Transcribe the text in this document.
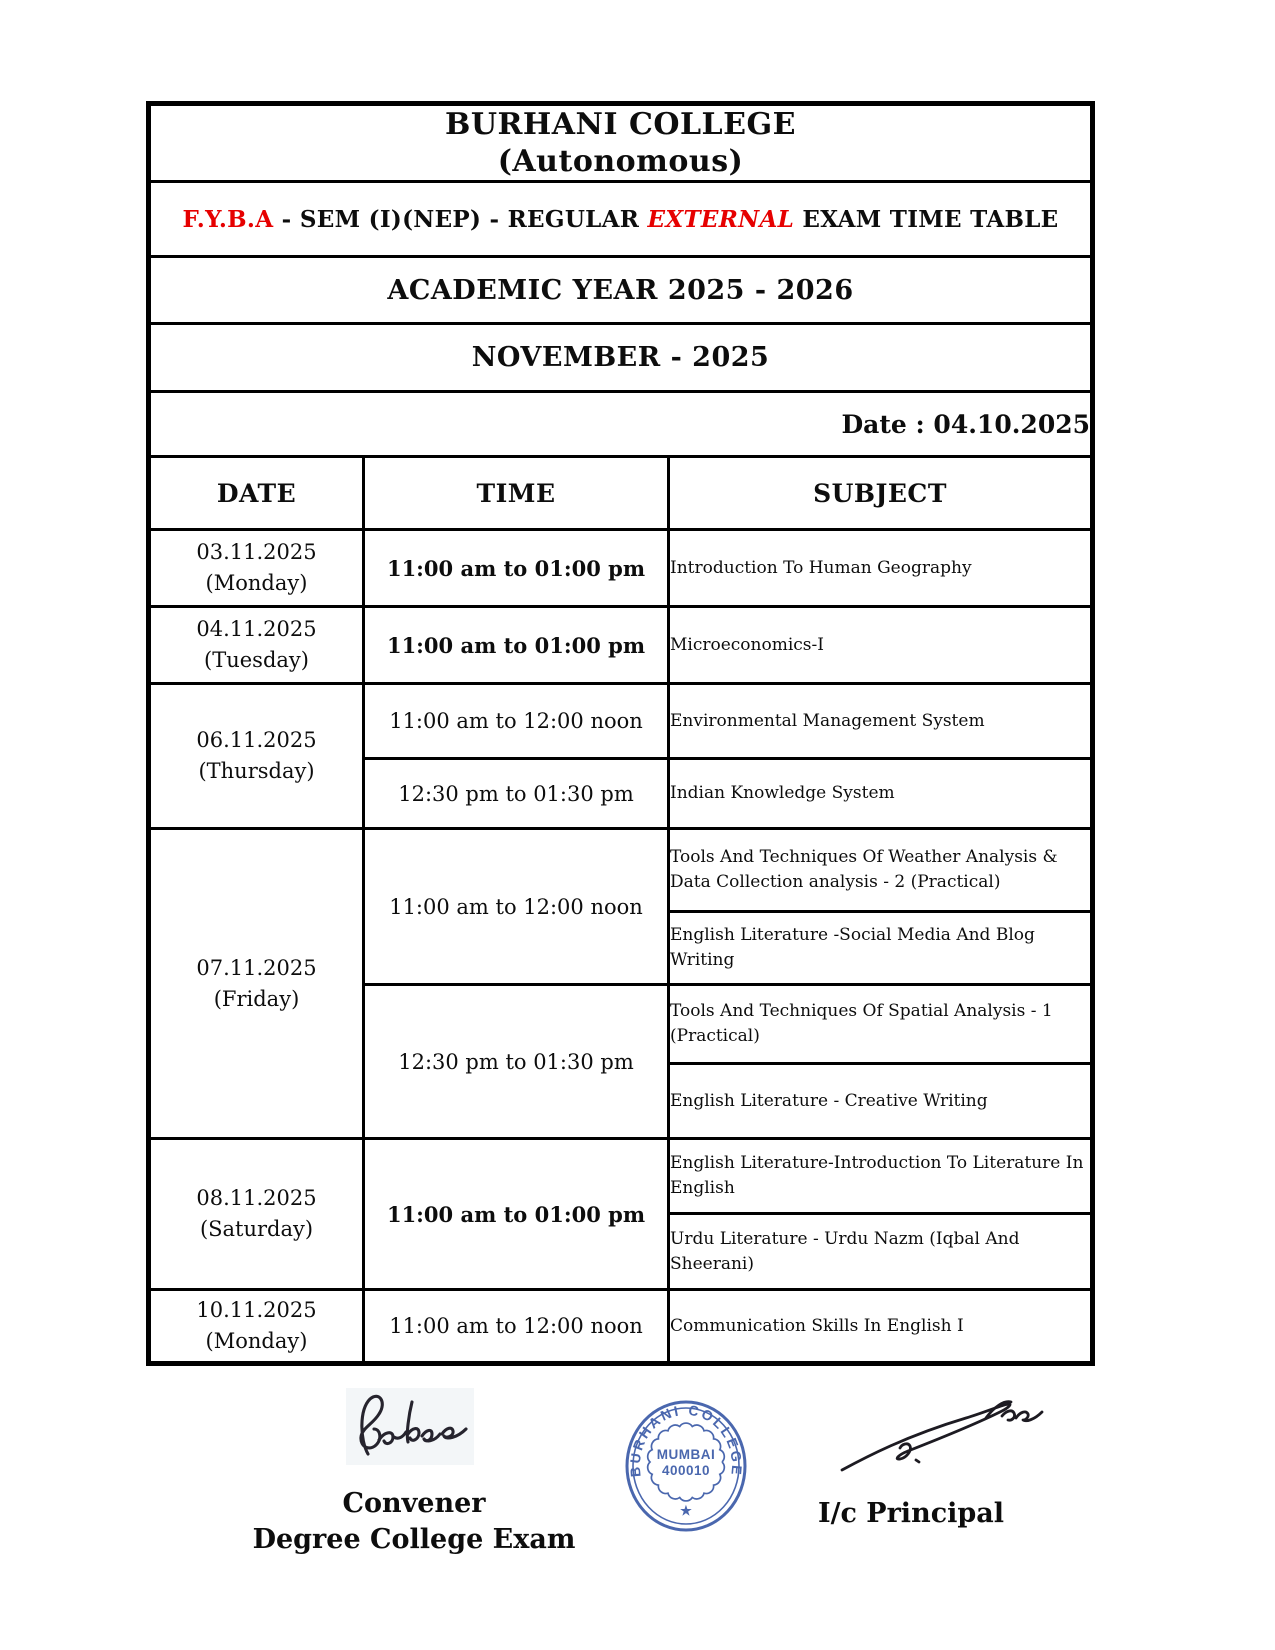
BURHANI COLLEGE
(Autonomous)		

F.Y.B.A - SEM (I)(NEP) - REGULAR EXTERNAL EXAM TIME TABLE		
ACADEMIC YEAR 2025 - 2026		
NOVEMBER - 2025		
Date : 04.10.2025		
DATE	TIME	SUBJECT

03.11.2025
(Monday)	11:00 am to 01:00 pm	Introduction To Human Geography

04.11.2025
(Tuesday)	11:00 am to 01:00 pm	Microeconomics-I

06.11.2025
(Thursday)	11:00 am to 12:00 noon	Environmental Management System
	12:30 pm to 01:30 pm	Indian Knowledge System

07.11.2025
(Friday)	11:00 am to 12:00 noon	Tools And Techniques Of Weather Analysis & Data Collection analysis - 2 (Practical)
		English Literature -Social Media And Blog Writing
	12:30 pm to 01:30 pm	Tools And Techniques Of Spatial Analysis - 1 (Practical)
		English Literature - Creative Writing

08.11.2025
(Saturday)	11:00 am to 01:00 pm	English Literature-Introduction To Literature In English
		Urdu Literature - Urdu Nazm (Iqbal And Sheerani)

10.11.2025
(Monday)	11:00 am to 12:00 noon	Communication Skills In English I
BURHANI COLLEGE
MUMBAI
400010
★
Convener
Degree College Exam
I/c Principal
